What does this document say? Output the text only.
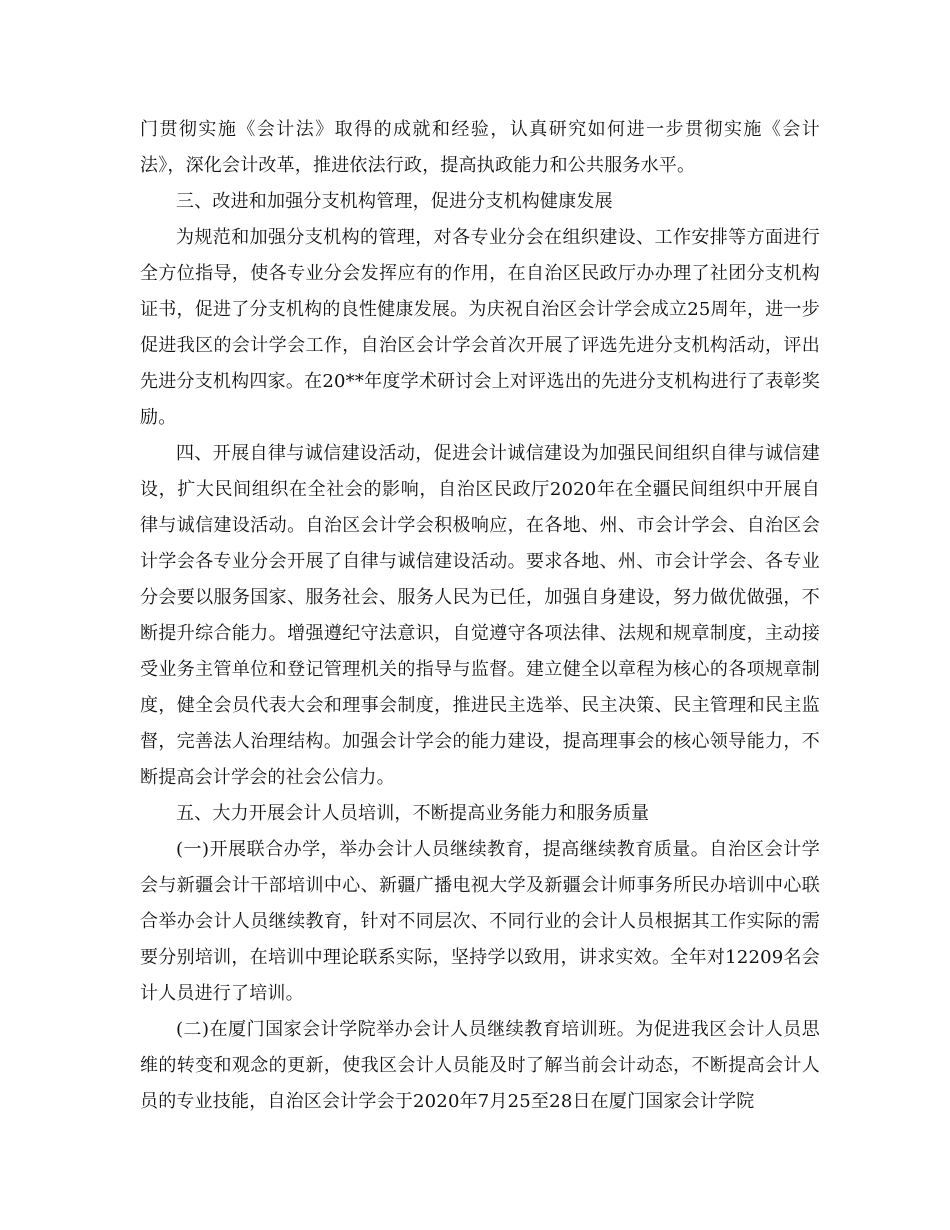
门贯彻实施《会计法》取得的成就和经验，认真研究如何进一步贯彻实施《会计法》，深化会计改革，推进依法行政，提高执政能力和公共服务水平。

三、改进和加强分支机构管理，促进分支机构健康发展

为规范和加强分支机构的管理，对各专业分会在组织建设、工作安排等方面进行全方位指导，使各专业分会发挥应有的作用，在自治区民政厅办办理了社团分支机构证书，促进了分支机构的良性健康发展。为庆祝自治区会计学会成立25周年，进一步促进我区的会计学会工作，自治区会计学会首次开展了评选先进分支机构活动，评出先进分支机构四家。在20**年度学术研讨会上对评选出的先进分支机构进行了表彰奖励。

四、开展自律与诚信建设活动，促进会计诚信建设为加强民间组织自律与诚信建设，扩大民间组织在全社会的影响，自治区民政厅2020年在全疆民间组织中开展自律与诚信建设活动。自治区会计学会积极响应，在各地、州、市会计学会、自治区会计学会各专业分会开展了自律与诚信建设活动。要求各地、州、市会计学会、各专业分会要以服务国家、服务社会、服务人民为已任，加强自身建设，努力做优做强，不断提升综合能力。增强遵纪守法意识，自觉遵守各项法律、法规和规章制度，主动接受业务主管单位和登记管理机关的指导与监督。建立健全以章程为核心的各项规章制度，健全会员代表大会和理事会制度，推进民主选举、民主决策、民主管理和民主监督，完善法人治理结构。加强会计学会的能力建设，提高理事会的核心领导能力，不断提高会计学会的社会公信力。

五、大力开展会计人员培训，不断提高业务能力和服务质量

(一)开展联合办学，举办会计人员继续教育，提高继续教育质量。自治区会计学会与新疆会计干部培训中心、新疆广播电视大学及新疆会计师事务所民办培训中心联合举办会计人员继续教育，针对不同层次、不同行业的会计人员根据其工作实际的需要分别培训，在培训中理论联系实际，坚持学以致用，讲求实效。全年对12209名会计人员进行了培训。

(二)在厦门国家会计学院举办会计人员继续教育培训班。为促进我区会计人员思维的转变和观念的更新，使我区会计人员能及时了解当前会计动态，不断提高会计人员的专业技能，自治区会计学会于2020年7月25至28日在厦门国家会计学院
